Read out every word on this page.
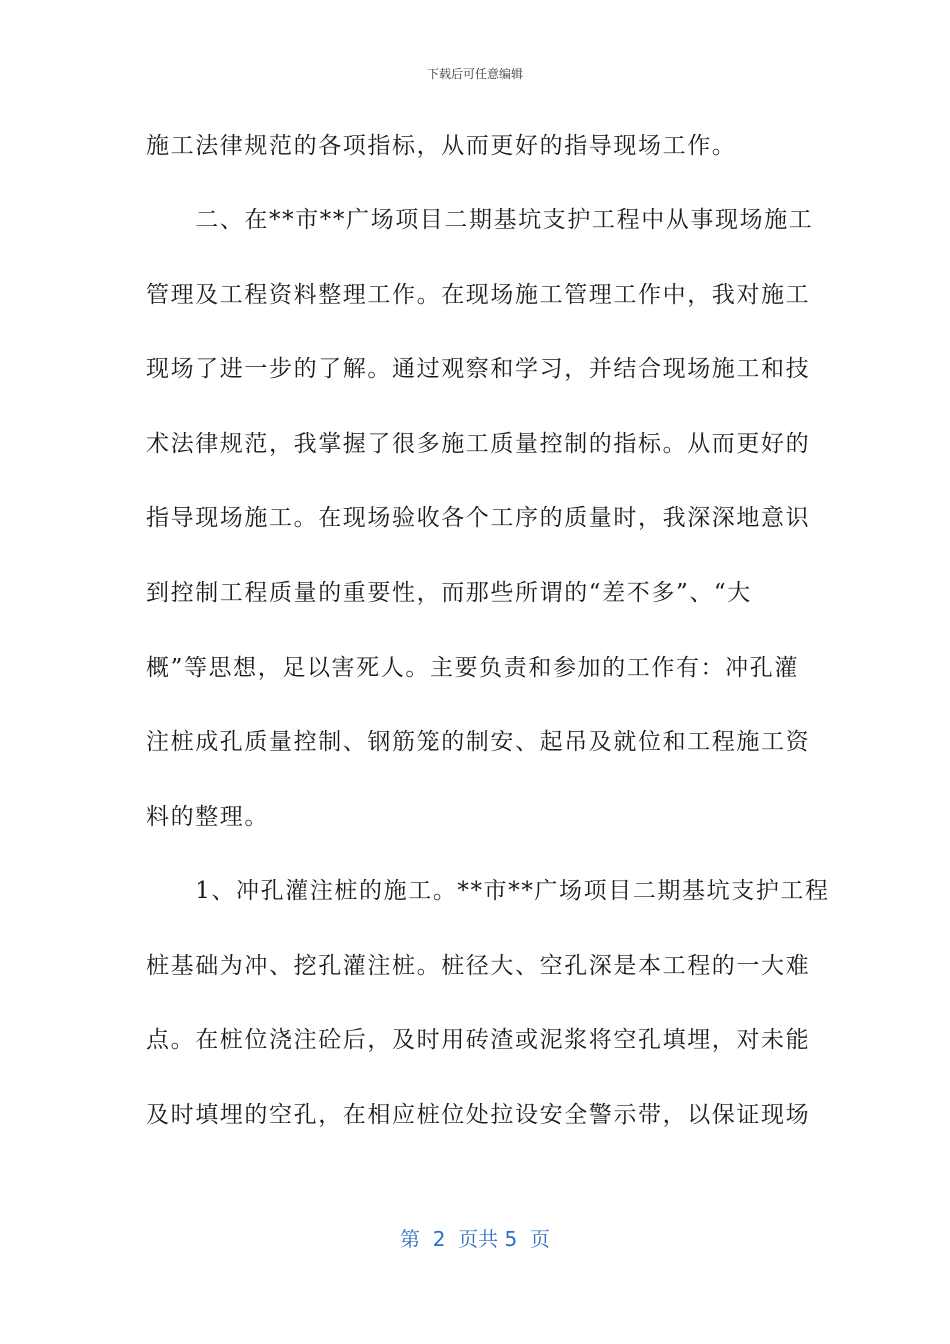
下载后可任意编辑

施工法律规范的各项指标，从而更好的指导现场工作。

　　二、在**市**广场项目二期基坑支护工程中从事现场施工

管理及工程资料整理工作。在现场施工管理工作中，我对施工

现场了进一步的了解。通过观察和学习，并结合现场施工和技

术法律规范，我掌握了很多施工质量控制的指标。从而更好的

指导现场施工。在现场验收各个工序的质量时，我深深地意识

到控制工程质量的重要性，而那些所谓的“差不多”、“大

概”等思想，足以害死人。主要负责和参加的工作有：冲孔灌

注桩成孔质量控制、钢筋笼的制安、起吊及就位和工程施工资

料的整理。

　　1、冲孔灌注桩的施工。**市**广场项目二期基坑支护工程

桩基础为冲、挖孔灌注桩。桩径大、空孔深是本工程的一大难

点。在桩位浇注砼后，及时用砖渣或泥浆将空孔填埋，对未能

及时填埋的空孔，在相应桩位处拉设安全警示带，以保证现场

第  2  页共 5  页
